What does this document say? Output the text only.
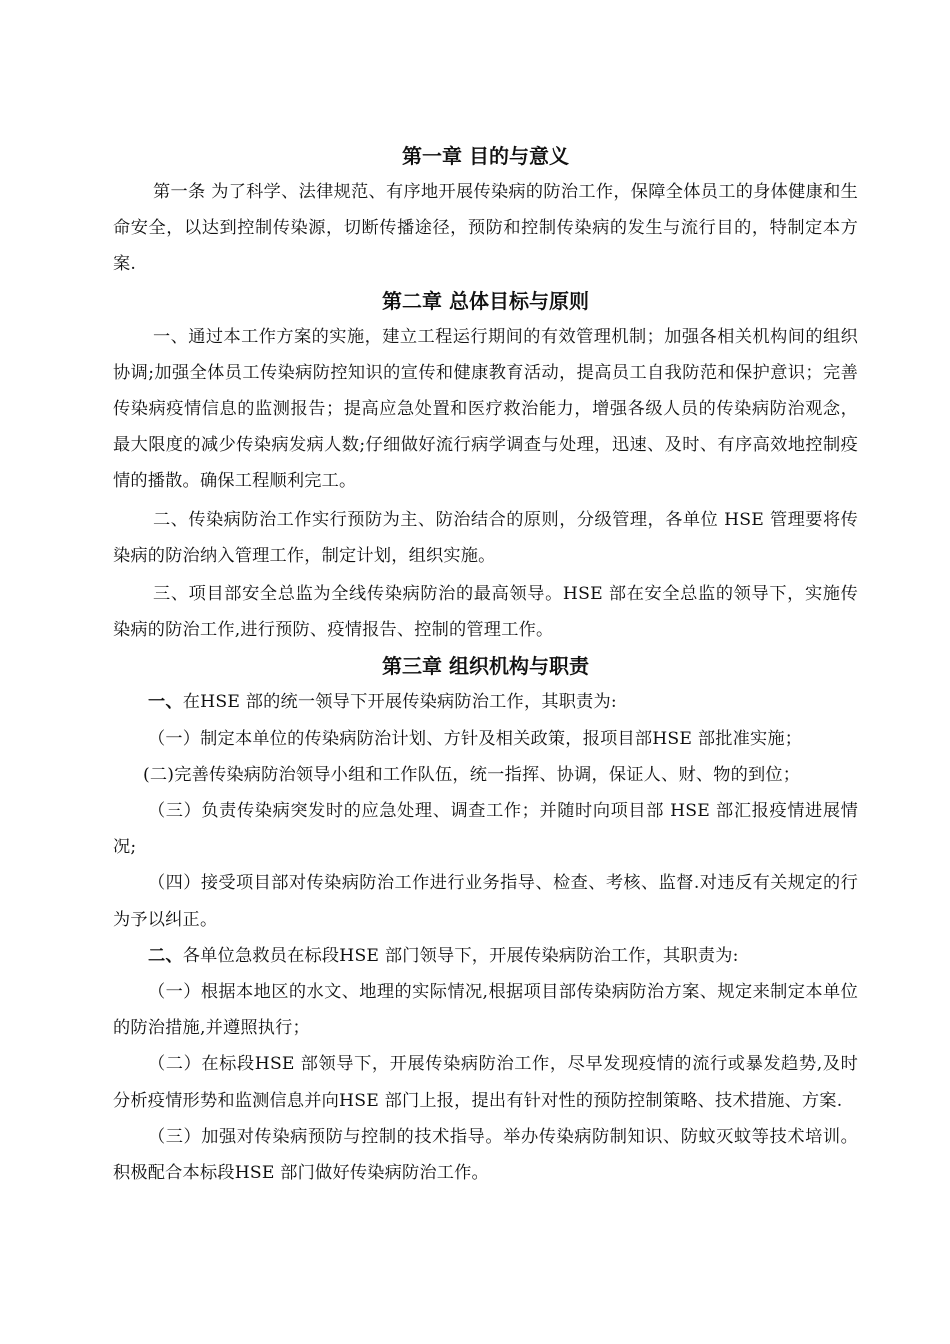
第一章 目的与意义

第一条 为了科学、法律规范、有序地开展传染病的防治工作，保障全体员工的身体健康和生命安全，以达到控制传染源，切断传播途径，预防和控制传染病的发生与流行目的，特制定本方案.

第二章 总体目标与原则

一、通过本工作方案的实施，建立工程运行期间的有效管理机制；加强各相关机构间的组织协调;加强全体员工传染病防控知识的宣传和健康教育活动，提高员工自我防范和保护意识；完善传染病疫情信息的监测报告；提高应急处置和医疗救治能力，增强各级人员的传染病防治观念，最大限度的减少传染病发病人数;仔细做好流行病学调查与处理，迅速、及时、有序高效地控制疫情的播散。确保工程顺利完工。

二、传染病防治工作实行预防为主、防治结合的原则，分级管理，各单位 HSE 管理要将传染病的防治纳入管理工作，制定计划，组织实施。

三、项目部安全总监为全线传染病防治的最高领导。HSE 部在安全总监的领导下，实施传染病的防治工作,进行预防、疫情报告、控制的管理工作。

第三章 组织机构与职责

一、在HSE 部的统一领导下开展传染病防治工作，其职责为:

（一）制定本单位的传染病防治计划、方针及相关政策，报项目部HSE 部批准实施；

(二)完善传染病防治领导小组和工作队伍，统一指挥、协调，保证人、财、物的到位；

（三）负责传染病突发时的应急处理、调查工作；并随时向项目部 HSE 部汇报疫情进展情况;

（四）接受项目部对传染病防治工作进行业务指导、检查、考核、监督.对违反有关规定的行为予以纠正。

二、各单位急救员在标段HSE 部门领导下，开展传染病防治工作，其职责为:

（一）根据本地区的水文、地理的实际情况,根据项目部传染病防治方案、规定来制定本单位的防治措施,并遵照执行；

（二）在标段HSE 部领导下，开展传染病防治工作，尽早发现疫情的流行或暴发趋势,及时分析疫情形势和监测信息并向HSE 部门上报，提出有针对性的预防控制策略、技术措施、方案.

（三）加强对传染病预防与控制的技术指导。举办传染病防制知识、防蚊灭蚊等技术培训。积极配合本标段HSE 部门做好传染病防治工作。
